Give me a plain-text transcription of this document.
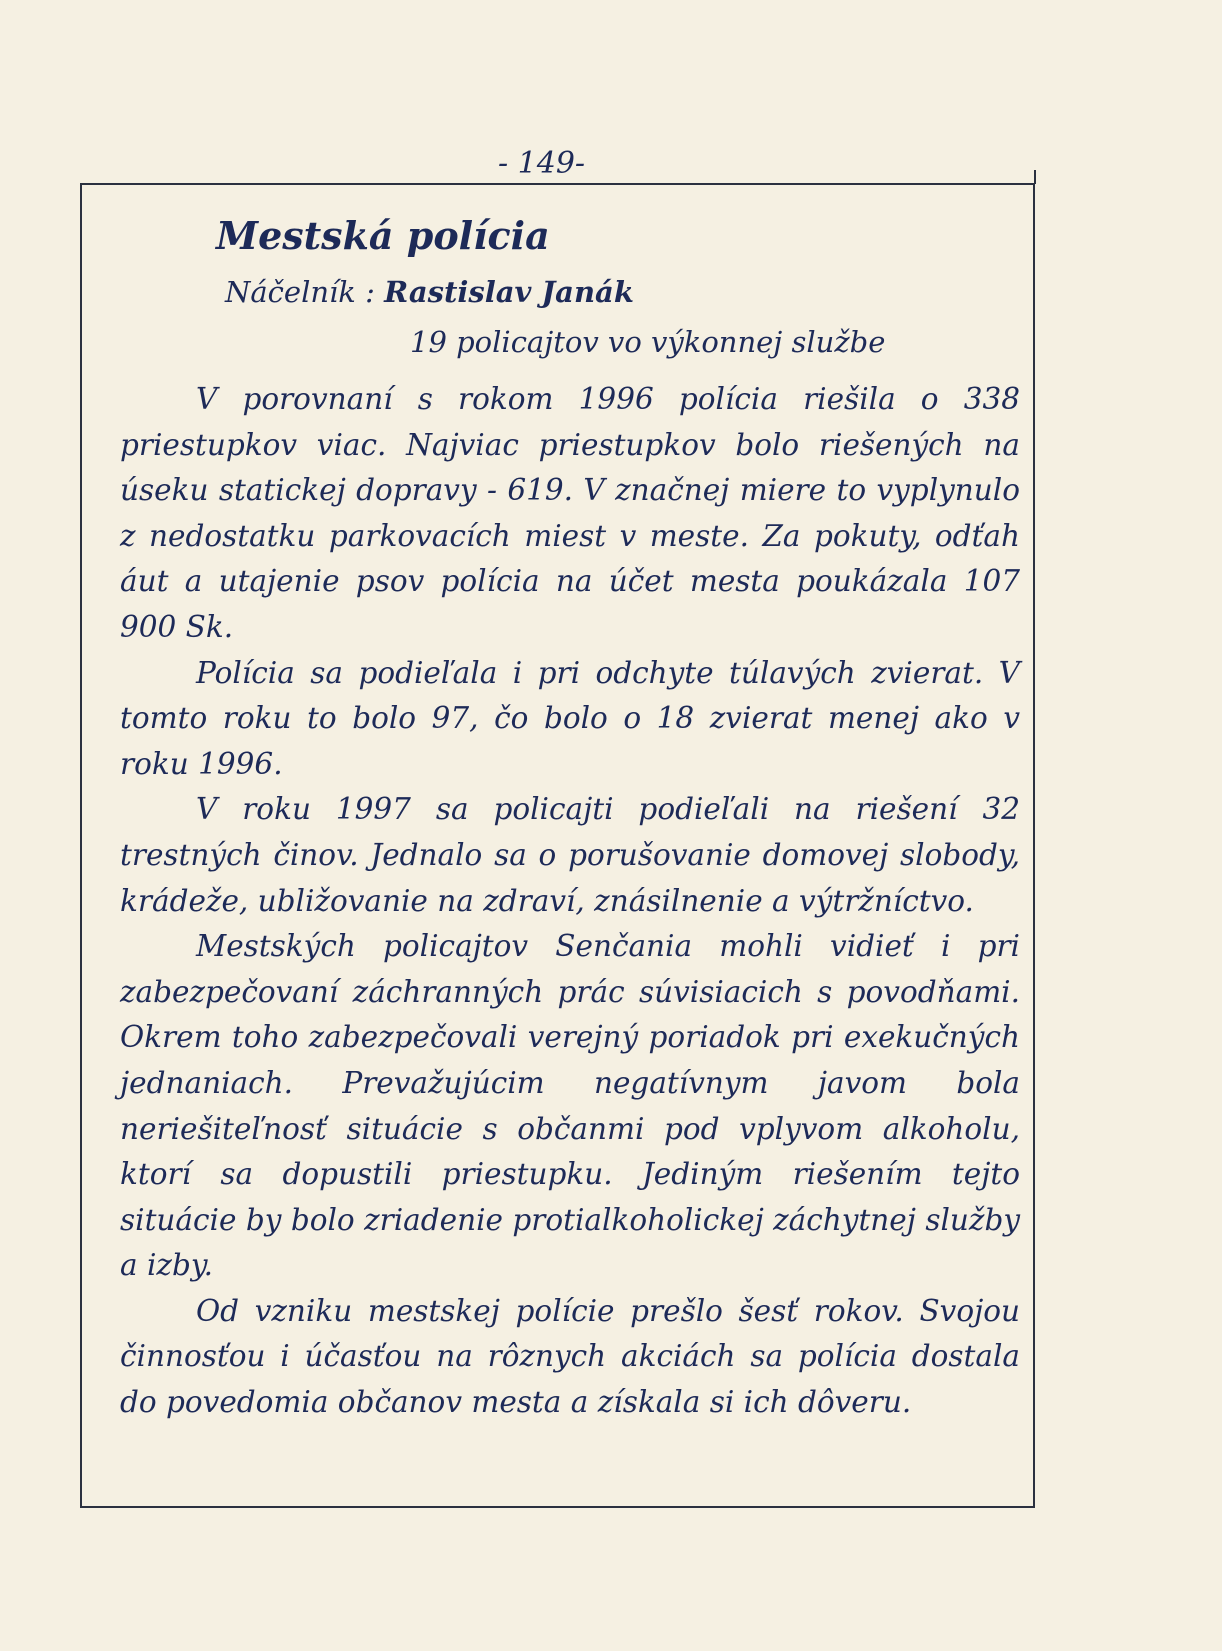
- 149-
Mestská polícia
Náčelník : Rastislav Janák
19 policajtov vo výkonnej službe

V porovnaní s rokom 1996 polícia riešila o 338 priestupkov viac. Najviac priestupkov bolo riešených na úseku statickej dopravy - 619. V značnej miere to vyplynulo z nedostatku parkovacích miest v meste. Za pokuty, odťah áut a utajenie psov polícia na účet mesta poukázala 107 900 Sk.

Polícia sa podieľala i pri odchyte túlavých zvierat. V tomto roku to bolo 97, čo bolo o 18 zvierat menej ako v roku 1996.

V roku 1997 sa policajti podieľali na riešení 32 trestných činov. Jednalo sa o porušovanie domovej slobody, krádeže, ubližovanie na zdraví, znásilnenie a výtržníctvo.

Mestských policajtov Senčania mohli vidieť i pri zabezpečovaní záchranných prác súvisiacich s povodňami. Okrem toho zabezpečovali verejný poriadok pri exekučných jednaniach. Prevažujúcim negatívnym javom bola neriešiteľnosť situácie s občanmi pod vplyvom alkoholu, ktorí sa dopustili priestupku. Jediným riešením tejto situácie by bolo zriadenie protialkoholickej záchytnej služby a izby.

Od vzniku mestskej polície prešlo šesť rokov. Svojou činnosťou i účasťou na rôznych akciách sa polícia dostala do povedomia občanov mesta a získala si ich dôveru.
